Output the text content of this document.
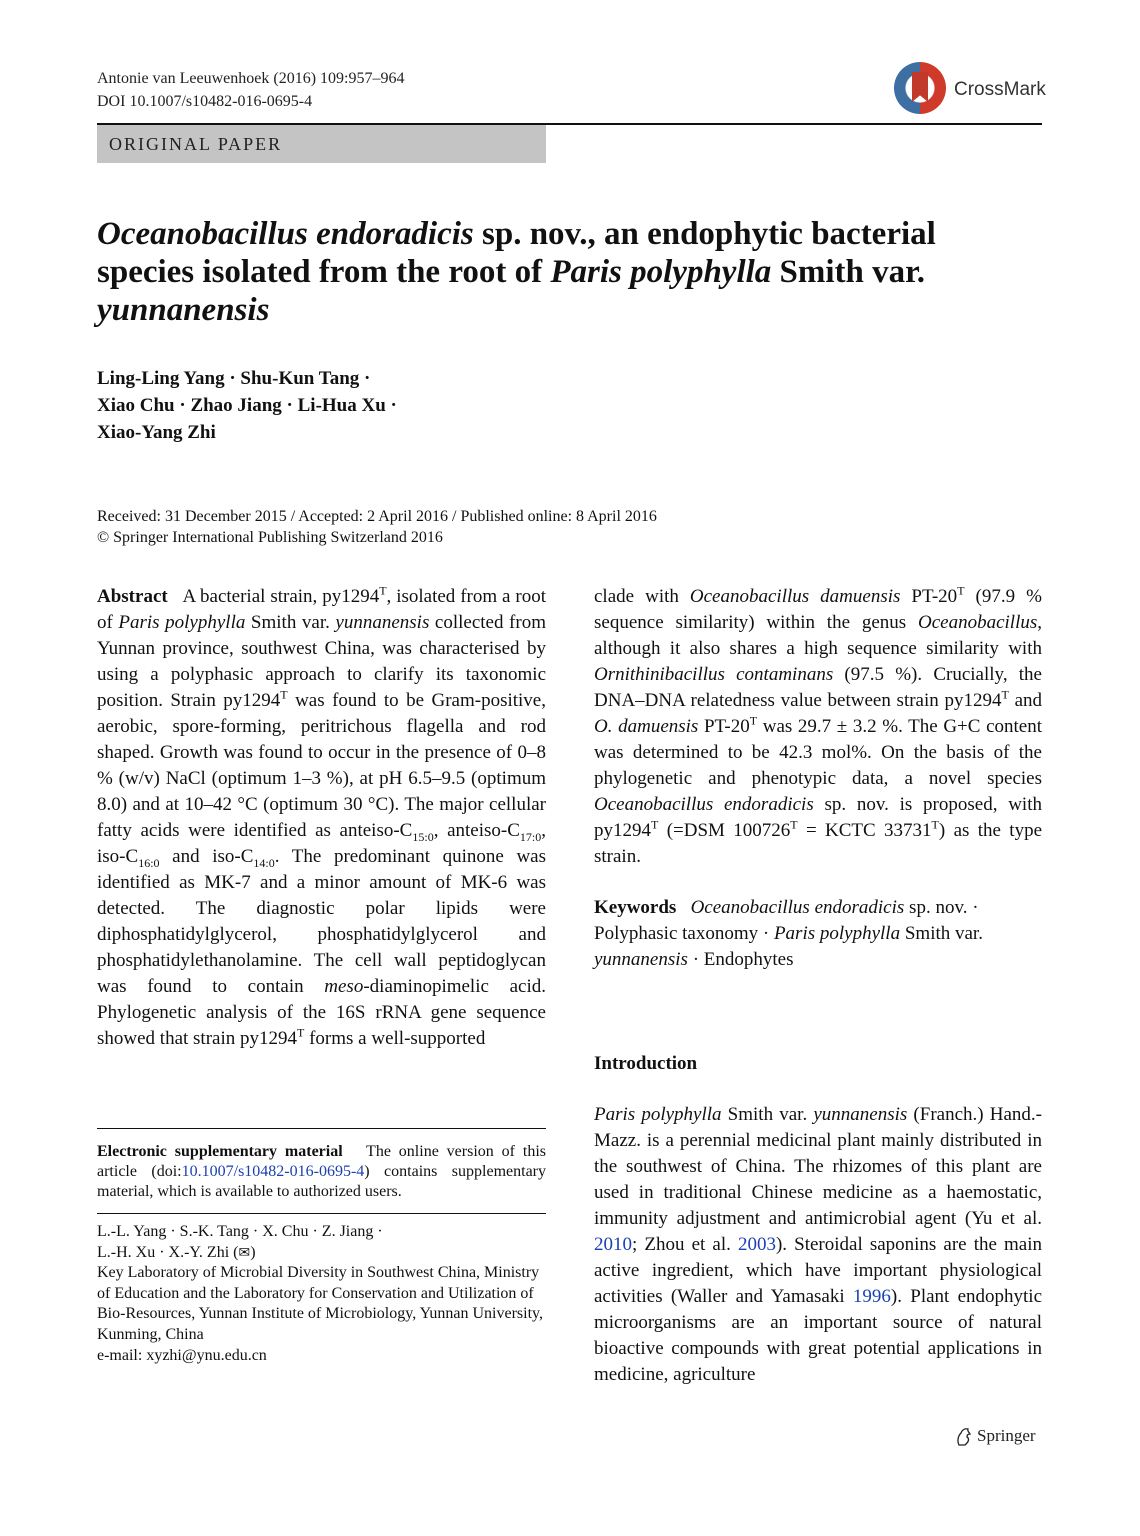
Antonie van Leeuwenhoek (2016) 109:957–964
DOI 10.1007/s10482-016-0695-4
CrossMark
ORIGINAL PAPER
Oceanobacillus endoradicis sp. nov., an endophytic bacterial species isolated from the root of Paris polyphylla Smith var. yunnanensis
Ling-Ling Yang · Shu-Kun Tang ·
Xiao Chu · Zhao Jiang · Li-Hua Xu ·
Xiao-Yang Zhi
Received: 31 December 2015 / Accepted: 2 April 2016 / Published online: 8 April 2016
© Springer International Publishing Switzerland 2016

Abstract A bacterial strain, $py1294^T$, isolated from a root of Paris polyphylla Smith var. yunnanensis collected from Yunnan province, southwest China, was characterised by using a polyphasic approach to clarify its taxonomic position. Strain $py1294^T$ was found to be Gram-positive, aerobic, spore-forming, peritrichous flagella and rod shaped. Growth was found to occur in the presence of 0–8 % (w/v) NaCl (optimum 1–3 %), at pH 6.5–9.5 (optimum 8.0) and at 10–42 °C (optimum 30 °C). The major cellular fatty acids were identified as anteiso-$C_{15:0}$, anteiso-$C_{17:0}$, iso-$C_{16:0}$ and iso-$C_{14:0}$. The predominant quinone was identified as MK-7 and a minor amount of MK-6 was detected. The diagnostic polar lipids were diphosphatidylglycerol, phosphatidylglycerol and phosphatidylethanolamine. The cell wall peptidoglycan was found to contain meso-diaminopimelic acid. Phylogenetic analysis of the 16S rRNA gene sequence showed that strain $py1294^T$ forms a well-supported

clade with Oceanobacillus damuensis $PT-20^T$ (97.9 % sequence similarity) within the genus Oceanobacillus, although it also shares a high sequence similarity with Ornithinibacillus contaminans (97.5 %). Crucially, the DNA–DNA relatedness value between strain $py1294^T$ and O. damuensis $PT-20^T$ was 29.7 ± 3.2 %. The G+C content was determined to be 42.3 mol%. On the basis of the phylogenetic and phenotypic data, a novel species Oceanobacillus endoradicis sp. nov. is proposed, with $py1294^T$ (=DSM $100726^T$ = KCTC $33731^T$) as the type strain.

Keywords Oceanobacillus endoradicis sp. nov. · Polyphasic taxonomy · Paris polyphylla Smith var. yunnanensis · Endophytes

Introduction

Paris polyphylla Smith var. yunnanensis (Franch.) Hand.-Mazz. is a perennial medicinal plant mainly distributed in the southwest of China. The rhizomes of this plant are used in traditional Chinese medicine as a haemostatic, immunity adjustment and antimicrobial agent (Yu et al. 2010; Zhou et al. 2003). Steroidal saponins are the main active ingredient, which have important physiological activities (Waller and Yamasaki 1996). Plant endophytic microorganisms are an important source of natural bioactive compounds with great potential applications in medicine, agriculture

Electronic supplementary material   The online version of this article (doi:10.1007/s10482-016-0695-4) contains supplementary material, which is available to authorized users.

L.-L. Yang · S.-K. Tang · X. Chu · Z. Jiang ·
L.-H. Xu · X.-Y. Zhi (✉)
Key Laboratory of Microbial Diversity in Southwest China, Ministry of Education and the Laboratory for Conservation and Utilization of Bio-Resources, Yunnan Institute of Microbiology, Yunnan University, Kunming, China
e-mail: xyzhi@ynu.edu.cn
Springer
